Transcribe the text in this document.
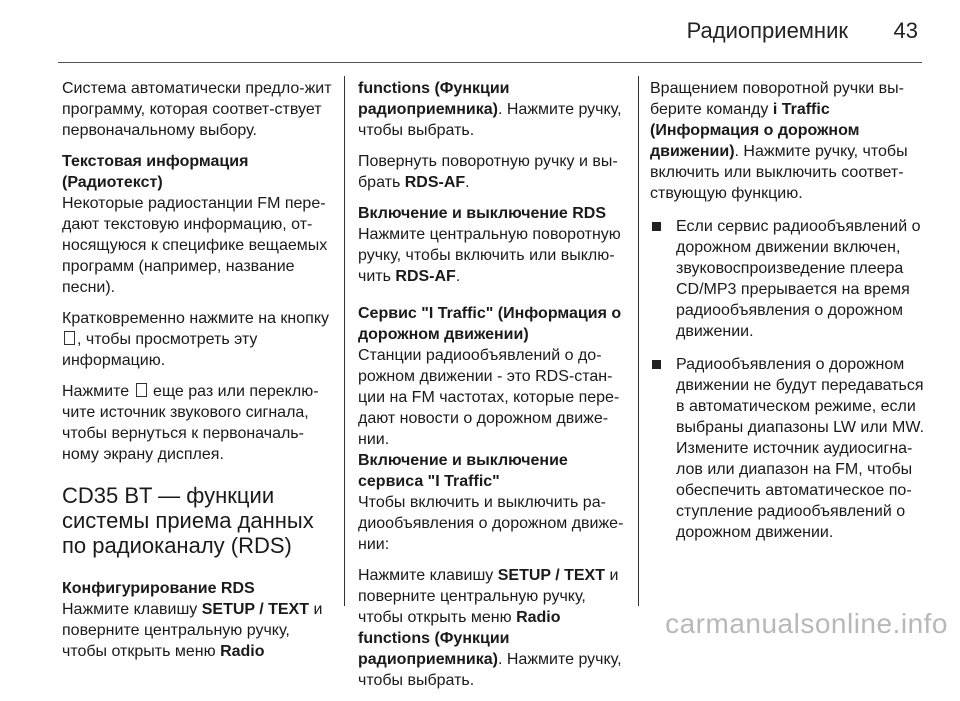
Радиоприемник 43

Система автоматически предло-жит программу, которая соответ-ствует первоначальному выбору.

Текстовая информация (Радиотекст)

Некоторые радиостанции FM пере-дают текстовую информацию, от-носящуюся к специфике вещаемых программ (например, название песни).

Кратковременно нажмите на кнопку , чтобы просмотреть эту информацию.

Нажмите  еще раз или переклю-чите источник звукового сигнала, чтобы вернуться к первоначаль-ному экрану дисплея.

CD35 BT — функции системы приема данных по радиоканалу (RDS)

Конфигурирование RDS

Нажмите клавишу SETUP / TEXT и поверните центральную ручку, чтобы открыть меню Radio

functions (Функции радиоприемника). Нажмите ручку, чтобы выбрать.

Повернуть поворотную ручку и вы-брать RDS-AF.

Включение и выключение RDS

Нажмите центральную поворотную ручку, чтобы включить или выклю-чить RDS-AF.

Сервис "I Traffic" (Информация о дорожном движении)

Станции радиообъявлений о до-рожном движении - это RDS-стан-ции на FM частотах, которые пере-дают новости о дорожном движе-нии.

Включение и выключение сервиса "I Traffic"

Чтобы включить и выключить ра-диообъявления о дорожном движе-нии:

Нажмите клавишу SETUP / TEXT и поверните центральную ручку, чтобы открыть меню Radio functions (Функции радиоприемника). Нажмите ручку, чтобы выбрать.

Вращением поворотной ручки вы-берите команду i Traffic (Информация о дорожном движении). Нажмите ручку, чтобы включить или выключить соответ-ствующую функцию.

Если сервис радиообъявлений о дорожном движении включен, звуковоспроизведение плеера CD/MP3 прерывается на время радиообъявления о дорожном движении.
Радиообъявления о дорожном движении не будут передаваться в автоматическом режиме, если выбраны диапазоны LW или MW. Измените источник аудиосигна-лов или диапазон на FM, чтобы обеспечить автоматическое по-ступление радиообъявлений о дорожном движении.
carmanualsonline.info
